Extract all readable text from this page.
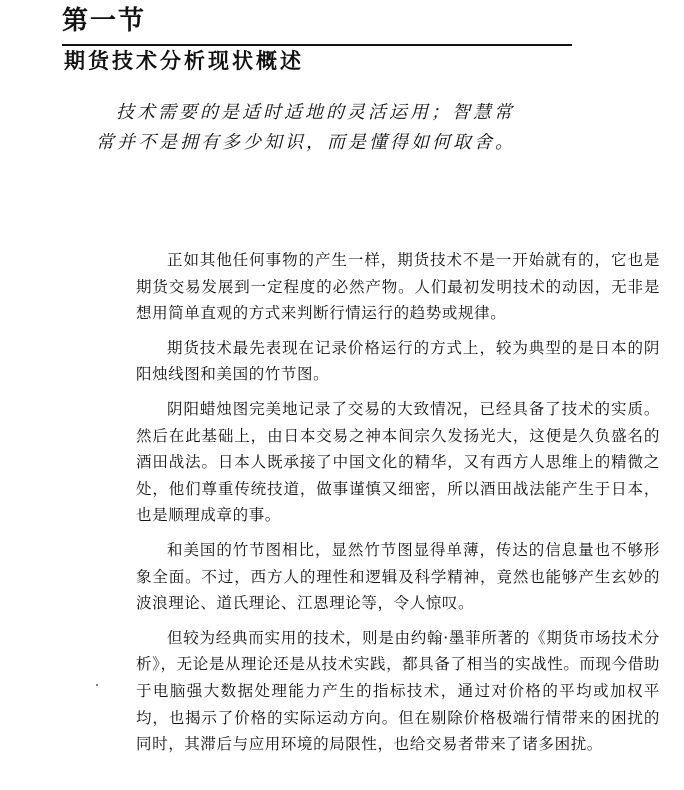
第一节
期货技术分析现状概述
技术需要的是适时适地的灵活运用；智慧常
常并不是拥有多少知识，而是懂得如何取舍。

正如其他任何事物的产生一样，期货技术不是一开始就有的，它也是期货交易发展到一定程度的必然产物。人们最初发明技术的动因，无非是想用简单直观的方式来判断行情运行的趋势或规律。

期货技术最先表现在记录价格运行的方式上，较为典型的是日本的阴阳烛线图和美国的竹节图。

阴阳蜡烛图完美地记录了交易的大致情况，已经具备了技术的实质。然后在此基础上，由日本交易之神本间宗久发扬光大，这便是久负盛名的酒田战法。日本人既承接了中国文化的精华，又有西方人思维上的精微之处，他们尊重传统技道，做事谨慎又细密，所以酒田战法能产生于日本，也是顺理成章的事。

和美国的竹节图相比，显然竹节图显得单薄，传达的信息量也不够形象全面。不过，西方人的理性和逻辑及科学精神，竟然也能够产生玄妙的波浪理论、道氏理论、江恩理论等，令人惊叹。

但较为经典而实用的技术，则是由约翰·墨菲所著的《期货市场技术分析》，无论是从理论还是从技术实践，都具备了相当的实战性。而现今借助于电脑强大数据处理能力产生的指标技术，通过对价格的平均或加权平均，也揭示了价格的实际运动方向。但在剔除价格极端行情带来的困扰的同时，其滞后与应用环境的局限性，也给交易者带来了诸多困扰。
